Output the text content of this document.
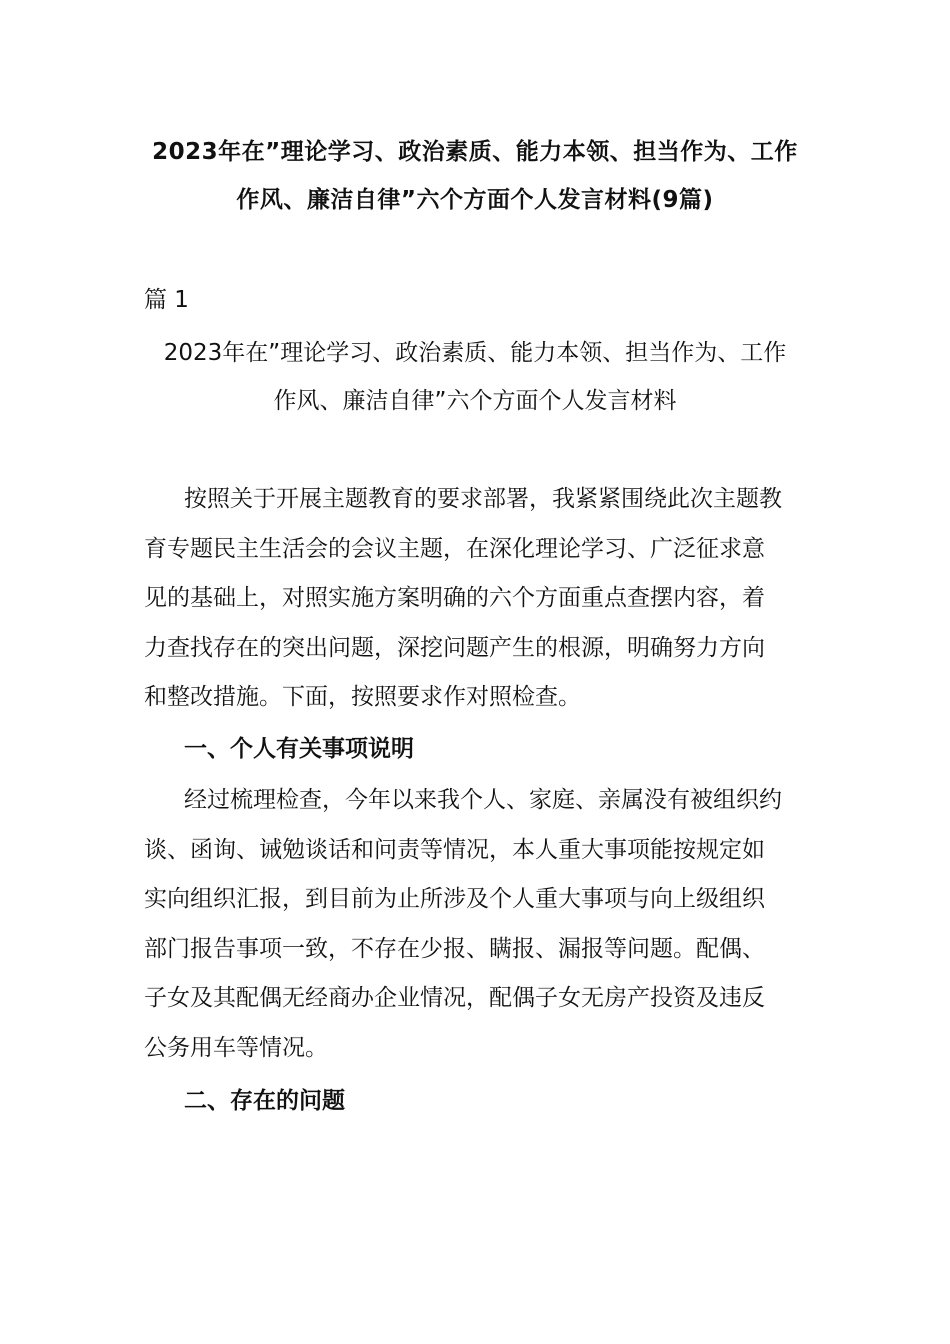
2023年在”理论学习、政治素质、能力本领、担当作为、工作
作风、廉洁自律”六个方面个人发言材料(9篇)
篇 1
2023年在”理论学习、政治素质、能力本领、担当作为、工作
作风、廉洁自律”六个方面个人发言材料
按照关于开展主题教育的要求部署，我紧紧围绕此次主题教
育专题民主生活会的会议主题，在深化理论学习、广泛征求意
见的基础上，对照实施方案明确的六个方面重点查摆内容，着
力查找存在的突出问题，深挖问题产生的根源，明确努力方向
和整改措施。下面，按照要求作对照检查。
一、个人有关事项说明
经过梳理检查，今年以来我个人、家庭、亲属没有被组织约
谈、函询、诫勉谈话和问责等情况，本人重大事项能按规定如
实向组织汇报，到目前为止所涉及个人重大事项与向上级组织
部门报告事项一致，不存在少报、瞒报、漏报等问题。配偶、
子女及其配偶无经商办企业情况，配偶子女无房产投资及违反
公务用车等情况。
二、存在的问题
